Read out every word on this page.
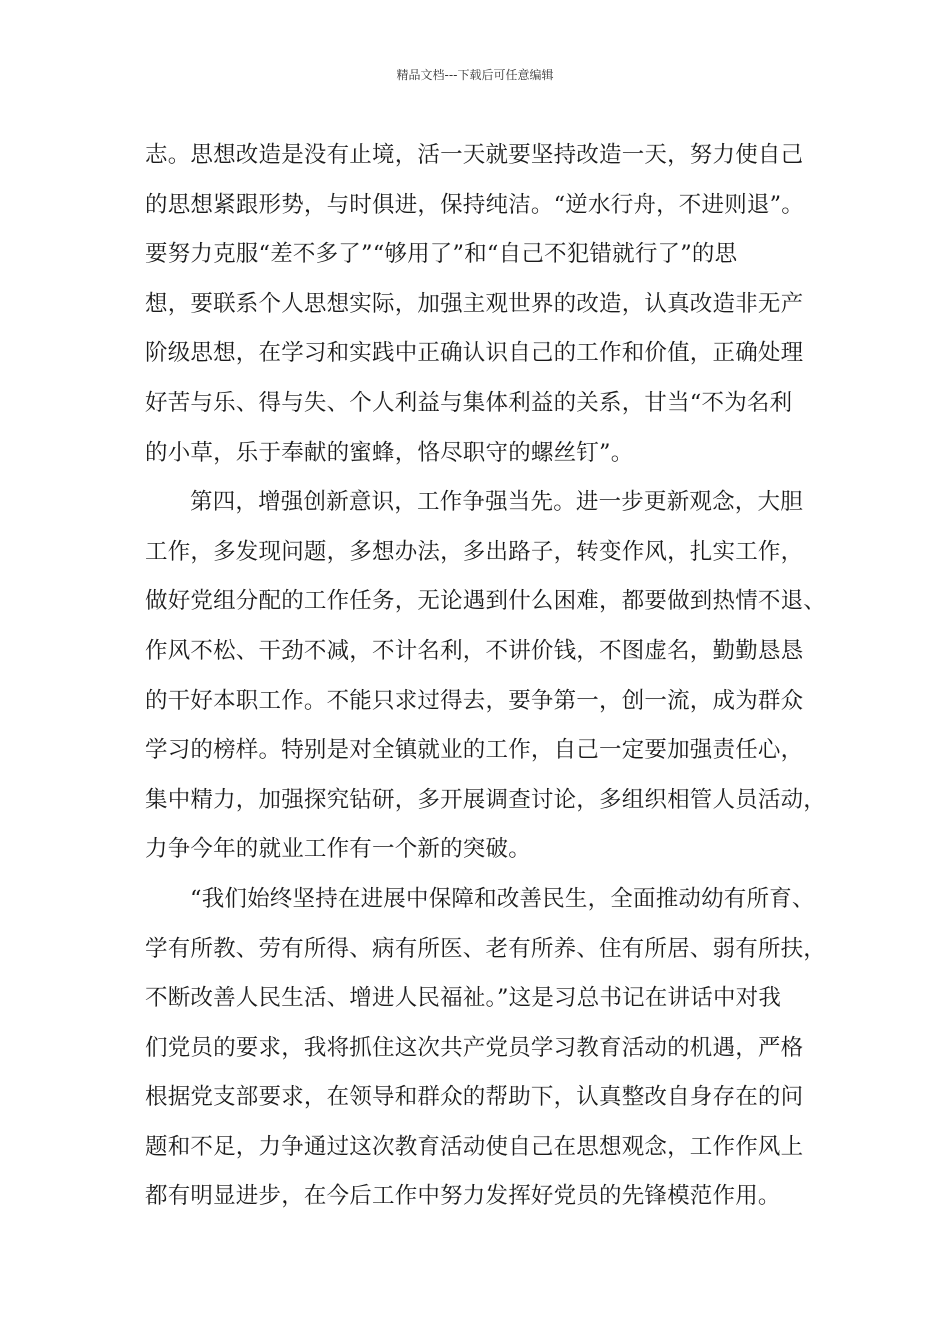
精品文档---下载后可任意编辑
志。思想改造是没有止境，活一天就要坚持改造一天，努力使自己
的思想紧跟形势，与时俱进，保持纯洁。“逆水行舟，不进则退”。
要努力克服“差不多了”“够用了”和“自己不犯错就行了”的思
想，要联系个人思想实际，加强主观世界的改造，认真改造非无产
阶级思想，在学习和实践中正确认识自己的工作和价值，正确处理
好苦与乐、得与失、个人利益与集体利益的关系，甘当“不为名利
的小草，乐于奉献的蜜蜂，恪尽职守的螺丝钉”。
第四，增强创新意识，工作争强当先。进一步更新观念，大胆
工作，多发现问题，多想办法，多出路子，转变作风，扎实工作，
做好党组分配的工作任务，无论遇到什么困难，都要做到热情不退、
作风不松、干劲不减，不计名利，不讲价钱，不图虚名，勤勤恳恳
的干好本职工作。不能只求过得去，要争第一，创一流，成为群众
学习的榜样。特别是对全镇就业的工作，自己一定要加强责任心，
集中精力，加强探究钻研，多开展调查讨论，多组织相管人员活动，
力争今年的就业工作有一个新的突破。
“我们始终坚持在进展中保障和改善民生，全面推动幼有所育、
学有所教、劳有所得、病有所医、老有所养、住有所居、弱有所扶，
不断改善人民生活、增进人民福祉。”这是习总书记在讲话中对我
们党员的要求，我将抓住这次共产党员学习教育活动的机遇，严格
根据党支部要求，在领导和群众的帮助下，认真整改自身存在的问
题和不足，力争通过这次教育活动使自己在思想观念，工作作风上
都有明显进步，在今后工作中努力发挥好党员的先锋模范作用。
